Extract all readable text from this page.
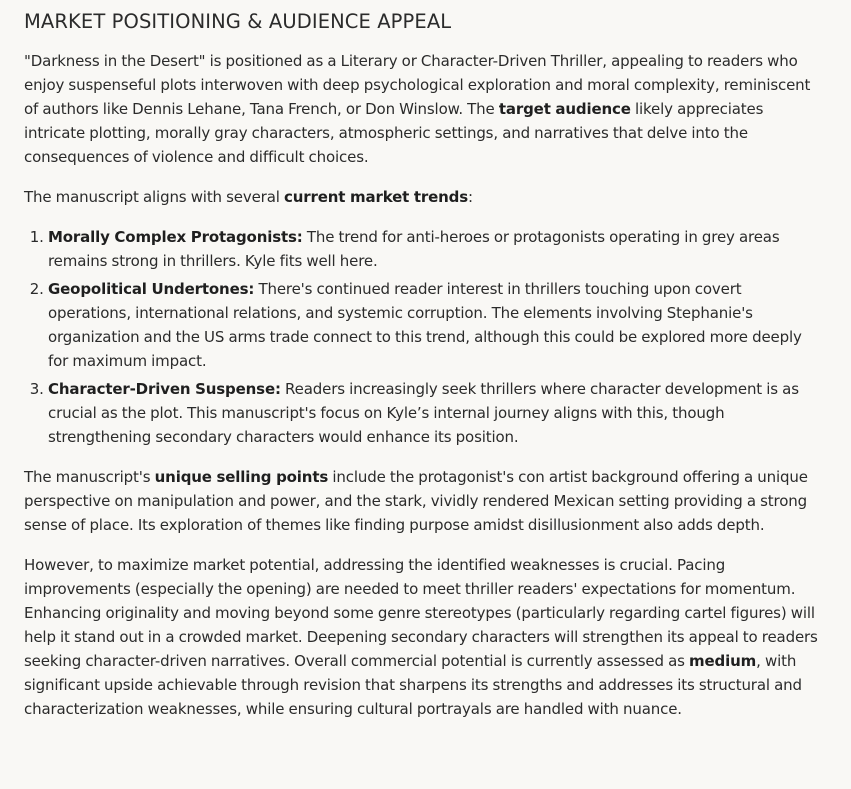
MARKET POSITIONING & AUDIENCE APPEAL

"Darkness in the Desert" is positioned as a Literary or Character-Driven Thriller, appealing to readers who enjoy suspenseful plots interwoven with deep psychological exploration and moral complexity, reminiscent of authors like Dennis Lehane, Tana French, or Don Winslow. The target audience likely appreciates intricate plotting, morally gray characters, atmospheric settings, and narratives that delve into the consequences of violence and difficult choices.

The manuscript aligns with several current market trends:

1. Morally Complex Protagonists: The trend for anti-heroes or protagonists operating in grey areas remains strong in thrillers. Kyle fits well here.
2. Geopolitical Undertones: There's continued reader interest in thrillers touching upon covert operations, international relations, and systemic corruption. The elements involving Stephanie's organization and the US arms trade connect to this trend, although this could be explored more deeply for maximum impact.
3. Character-Driven Suspense: Readers increasingly seek thrillers where character development is as crucial as the plot. This manuscript's focus on Kyle’s internal journey aligns with this, though strengthening secondary characters would enhance its position.

The manuscript's unique selling points include the protagonist's con artist background offering a unique perspective on manipulation and power, and the stark, vividly rendered Mexican setting providing a strong sense of place. Its exploration of themes like finding purpose amidst disillusionment also adds depth.

However, to maximize market potential, addressing the identified weaknesses is crucial. Pacing improvements (especially the opening) are needed to meet thriller readers' expectations for momentum. Enhancing originality and moving beyond some genre stereotypes (particularly regarding cartel figures) will help it stand out in a crowded market. Deepening secondary characters will strengthen its appeal to readers seeking character-driven narratives. Overall commercial potential is currently assessed as medium, with significant upside achievable through revision that sharpens its strengths and addresses its structural and characterization weaknesses, while ensuring cultural portrayals are handled with nuance.
